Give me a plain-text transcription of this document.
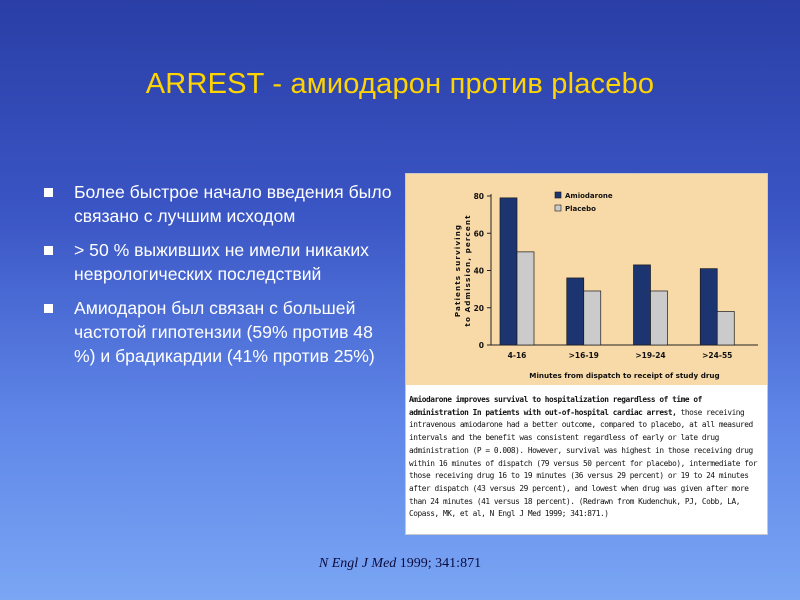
ARREST - амиодарон против placebo
Более быстрое начало введения было связано с лучшим исходом
> 50 % выживших не имели никаких неврологических последствий
Амиодарон был связан с большей частотой гипотензии (59% против 48 %) и брадикардии (41% против 25%)
0
20
40
60
80
4-16	>16-19	>19-24	>24-55
Minutes from dispatch to receipt of study drug
Patients survivingto Admission, percent
Amiodarone
Placebo
Amiodarone improves survival to hospitalization regardless of time of administration In patients with out-of-hospital cardiac arrest, those receiving intravenous amiodarone had a better outcome, compared to placebo, at all measured intervals and the benefit was consistent regardless of early or late drug administration (P = 0.008). However, survival was highest in those receiving drug within 16 minutes of dispatch (79 versus 50 percent for placebo), intermediate for those receiving drug 16 to 19 minutes (36 versus 29 percent) or 19 to 24 minutes after dispatch (43 versus 29 percent), and lowest when drug was given after more than 24 minutes (41 versus 18 percent). (Redrawn from Kudenchuk, PJ, Cobb, LA, Copass, MK, et al, N Engl J Med 1999; 341:871.)
N Engl J Med 1999; 341:871
